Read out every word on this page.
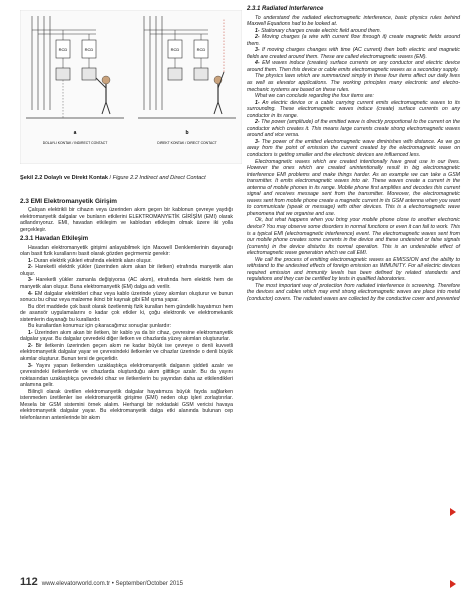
RCD	RCD
a
DOLAYLI KONTAK / INDIRECT CONTACT
RCD	RCD
b
DIREKT KONTAK / DIRECT CONTACT
Şekil 2.2 Dolaylı ve Direkt Kontak / Figure 2.2 Indirect and Direct Contact
2.3 EMI Elektromanyetik Girişim

Çalışan elektrikli bir cihazın veya üzerinden akım geçen bir kablonun çevreye yaydığı elektromanyetik dalgalar ve bunların etkilerini ELEKTROMANYETİK GİRİŞİM (EMI) olarak adlandırıyoruz. EMI, havadan etkileşim ve kablodan etkileşim olmak üzere iki yolla gerçekleşir.

2.3.1 Havadan Etkileşim

Havadan elektromanyetik girişimi anlayabilmek için Maxwell Denklemlerinin dayanağı olan basit fizik kurallarını basit olarak gözden geçirmemiz gerekir:

1- Duran elektrik yükleri etrafında elektrik alanı oluşur.

2- Hareketli elektrik yükler (üzerinden akım akan bir iletken) etrafında manyetik alan oluşur.

3- Hareketli yükler zamanla değişiyorsa (AC akım), etrafında hem elektrik hem de manyetik alan oluşur. Buna elektromanyetik (EM) dalga adı verilir.

4- EM dalgalar elektrikleri cihaz veya kablo üzerinde yüzey akımları oluşturur ve bunun sonucu bu cihaz veya malzeme ikinci bir kaynak gibi EM ışıma yapar.

Bu dört maddede çok basit olarak özetlenmiş fizik kuralları hem gündelik hayatımızı hem de asansör uygulamalarını o kadar çok etkiler ki, çoğu elektronik ve elektromekanik sistemlerin dayanağı bu kurallardır.

Bu kurallardan konumuz için çıkaracağımız sonuçlar şunlardır:

1- Üzerinden akım akan bir iletken, bir kablo ya da bir cihaz, çevresine elektromanyetik dalgalar yayar. Bu dalgalar çevredeki diğer iletken ve cihazlarda yüzey akımları oluştururlar.

2- Bir iletkenin üzerinden geçen akım ne kadar büyük ise çevreye o denli kuvvetli elektromanyetik dalgalar yayar ve çevresindeki iletkenler ve cihazlar üzerinde o denli büyük akımlar oluşturur. Bunun tersi de geçerlidir.

3- Yayını yapan iletkenden uzaklaştıkça elektromanyetik dalganın şiddeti azalır ve çevresindeki iletkenlerde ve cihazlarda oluşturduğu akım giittikçe azalır. Bu da yayını noktasından uzaklaştıkça çevredeki cihaz ve iletkenlerin bu yayından daha az etkilendikleri anlamına gelir.

Bilinçli olarak üretilen elektromanyetik dalgalar hayatımıza büyük fayda sağlarken istenmeden üretilenler ise elektromanyetik girişime (EMI) neden olup işleri zorlaştırırlar. Mesela bir GSM sistemini örnek alalım. Herhangi bir noktadaki GSM vericisi havaya elektromanyetik dalgalar yayar. Bu elektromanyetik dalga etki alanında bulunan cep telefonlarının antenlerinde bir akım

2.3.1 Radiated Interference

To understand the radiated electromagnetic interference, basic physics rules behind Maxwell Equations had to be looked at.

1- Stationary charges create electric field around them.

2- Moving charges (a wire with current flow through it) create magnetic fields around them.

3- If moving charges changes with time (AC current) then both electric and magnetic fields are created around them. These are called electromagnetic waves (EM).

4- EM waves induce (creates) surface currents on any conductor and electric device around them. Then this device or cable emits electromagnetic waves as a secondary supply.

The physics laws which are summarized simply in these four items affect our daily lives as well as elevator applications. The working principles many electronic and electro-mechanic systems are based on these rules.

What we can conclude regarding the four items are:

1- An electric device or a cable carrying current emits electromagnetic waves to its surrounding. These electromagnetic waves induce (create) surface currents on any conductor in its range.

2- The power (amplitude) of the emitted wave is directly proportional to the current on the conductor which creates it. This means large currents create strong electromagnetic waves around and vice versa.

3- The power of the emitted electromagnetic wave diminishes with distance. As we go away from the point of emission the current created by the electromagnetic wave on conductors is getting smaller and the electronic devices are influenced less.

Electromagnetic waves which are created intentionally have great use in our lives. However the ones which are created unintentionally result in big electromagnetic interference EMI problems and make things harder. As an example we can take a GSM transmitter. It emits electromagnetic waves into air. These waves create a current in the antenna of mobile phones in its range. Mobile phone first amplifies and decodes this current signal and receives message sent from the transmitter. Moreover, the electromagnetic waves sent from mobile phone create a magnetic current in its GSM antenna when you want to communicate (speak or message) with other devices. This is a electromagnetic wave phenomena that we organise and use.

Ok, but what happens when you bring your mobile phone close to another electronic device? You may observe some disorders in normal functions or even it can fail to work. This is a typical EMI (electromagnetic interference) event. The electromagnetic waves sent from our mobile phone creates some currents in the device and these undesired or false signals (currents) in the device disturbs its normal operation. This is an undesirable effect of electromagnetic wave generation which we call EMI.

We call the process of emitting electromagnetic waves as EMISSION and the ability to withstand to the undesired effects of foreign emission as IMMUNITY. For all electric devices required emission and immunity levels has been defined by related standards and regulations and they can be certified by tests in qualified laboratories.

The most important way of protection from radiated interference is screening. Therefore the devices and cables which may emit strong electromagnetic waves are place into metal (conductor) covers. The radiated waves are collected by the conductive cover and prevented

112 www.elevatorworld.com.tr • September/October 2015
